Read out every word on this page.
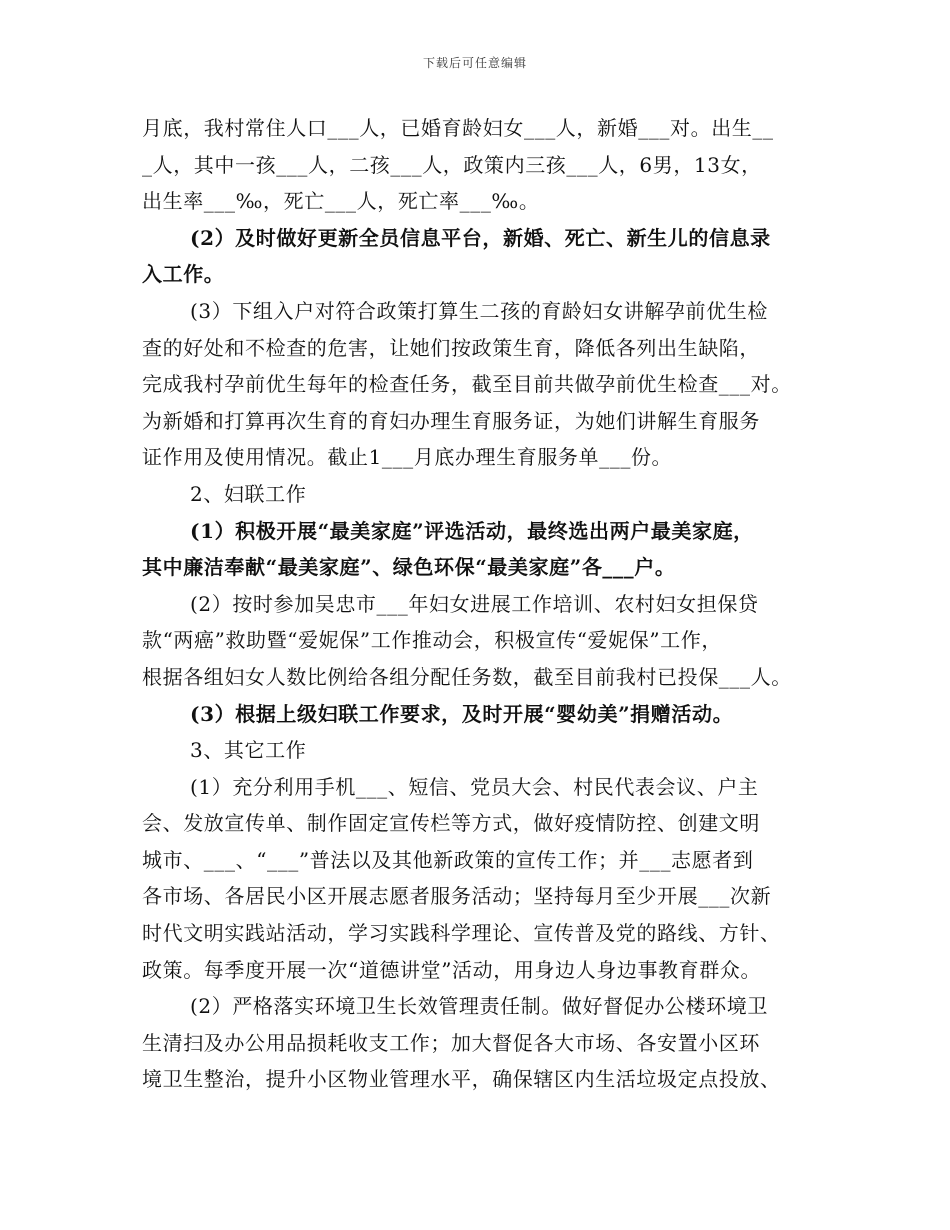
下载后可任意编辑
月底，我村常住人口___人，已婚育龄妇女___人，新婚___对。出生__
_人，其中一孩___人，二孩___人，政策内三孩___人，6男，13女，
出生率___‰，死亡___人，死亡率___‰。
(2）及时做好更新全员信息平台，新婚、死亡、新生儿的信息录
入工作。
(3）下组入户对符合政策打算生二孩的育龄妇女讲解孕前优生检
查的好处和不检查的危害，让她们按政策生育，降低各列出生缺陷，
完成我村孕前优生每年的检查任务，截至目前共做孕前优生检查___对。
为新婚和打算再次生育的育妇办理生育服务证，为她们讲解生育服务
证作用及使用情况。截止1___月底办理生育服务单___份。
2、妇联工作
(1）积极开展“最美家庭”评选活动，最终选出两户最美家庭，
其中廉洁奉献“最美家庭”、绿色环保“最美家庭”各___户。
(2）按时参加吴忠市___年妇女进展工作培训、农村妇女担保贷
款“两癌”救助暨“爱妮保”工作推动会，积极宣传“爱妮保”工作，
根据各组妇女人数比例给各组分配任务数，截至目前我村已投保___人。
(3）根据上级妇联工作要求，及时开展“婴幼美”捐赠活动。
3、其它工作
(1）充分利用手机___、短信、党员大会、村民代表会议、户主
会、发放宣传单、制作固定宣传栏等方式，做好疫情防控、创建文明
城市、___、“___”普法以及其他新政策的宣传工作；并___志愿者到
各市场、各居民小区开展志愿者服务活动；坚持每月至少开展___次新
时代文明实践站活动，学习实践科学理论、宣传普及党的路线、方针、
政策。每季度开展一次“道德讲堂”活动，用身边人身边事教育群众。
(2）严格落实环境卫生长效管理责任制。做好督促办公楼环境卫
生清扫及办公用品损耗收支工作；加大督促各大市场、各安置小区环
境卫生整治，提升小区物业管理水平，确保辖区内生活垃圾定点投放、
